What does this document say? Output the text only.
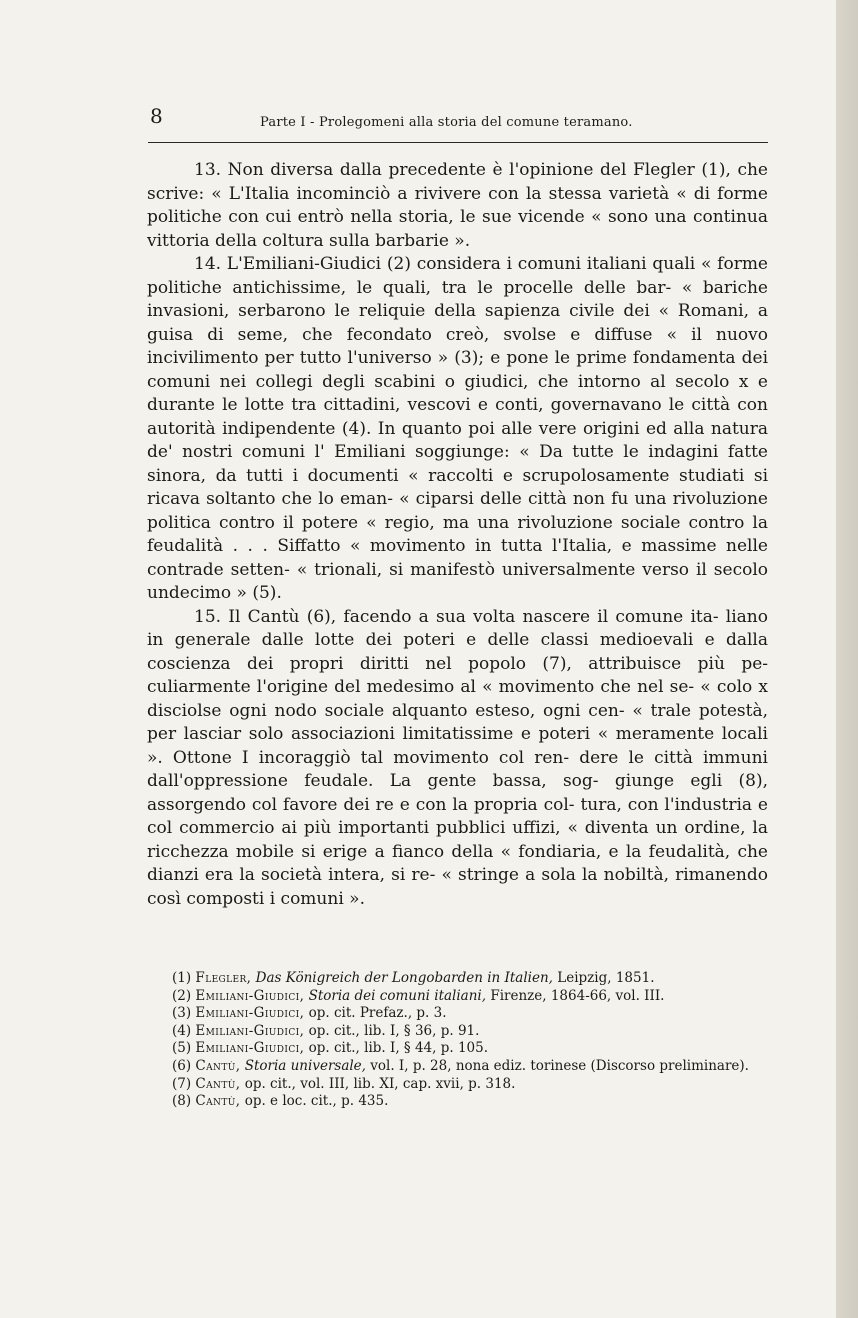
8	Parte I - Prolegomeni alla storia del comune teramano.

13. Non diversa dalla precedente è l'opinione del Flegler (1), che scrive: « L'Italia incominciò a rivivere con la stessa varietà « di forme politiche con cui entrò nella storia, le sue vicende « sono una continua vittoria della coltura sulla barbarie ».

14. L'Emiliani-Giudici (2) considera i comuni italiani quali « forme politiche antichissime, le quali, tra le procelle delle bar- « bariche invasioni, serbarono le reliquie della sapienza civile dei « Romani, a guisa di seme, che fecondato creò, svolse e diffuse « il nuovo incivilimento per tutto l'universo » (3); e pone le prime fondamenta dei comuni nei collegi degli scabini o giudici, che intorno al secolo x e durante le lotte tra cittadini, vescovi e conti, governavano le città con autorità indipendente (4). In quanto poi alle vere origini ed alla natura de' nostri comuni l' Emiliani soggiunge: « Da tutte le indagini fatte sinora, da tutti i documenti « raccolti e scrupolosamente studiati si ricava soltanto che lo eman- « ciparsi delle città non fu una rivoluzione politica contro il potere « regio, ma una rivoluzione sociale contro la feudalità . . . Siffatto « movimento in tutta l'Italia, e massime nelle contrade setten- « trionali, si manifestò universalmente verso il secolo undecimo » (5).

15. Il Cantù (6), facendo a sua volta nascere il comune ita- liano in generale dalle lotte dei poteri e delle classi medioevali e dalla coscienza dei propri diritti nel popolo (7), attribuisce più pe- culiarmente l'origine del medesimo al « movimento che nel se- « colo x disciolse ogni nodo sociale alquanto esteso, ogni cen- « trale potestà, per lasciar solo associazioni limitatissime e poteri « meramente locali ». Ottone I incoraggiò tal movimento col ren- dere le città immuni dall'oppressione feudale. La gente bassa, sog- giunge egli (8), assorgendo col favore dei re e con la propria col- tura, con l'industria e col commercio ai più importanti pubblici uffizi, « diventa un ordine, la ricchezza mobile si erige a fianco della « fondiaria, e la feudalità, che dianzi era la società intera, si re- « stringe a sola la nobiltà, rimanendo così composti i comuni ».

(1) Flegler, Das Königreich der Longobarden in Italien, Leipzig, 1851.

(2) Emiliani-Giudici, Storia dei comuni italiani, Firenze, 1864-66, vol. III.

(3) Emiliani-Giudici, op. cit. Prefaz., p. 3.

(4) Emiliani-Giudici, op. cit., lib. I, § 36, p. 91.

(5) Emiliani-Giudici, op. cit., lib. I, § 44, p. 105.

(6) Cantù, Storia universale, vol. I, p. 28, nona ediz. torinese (Discorso preliminare).

(7) Cantù, op. cit., vol. III, lib. XI, cap. xvii, p. 318.

(8) Cantù, op. e loc. cit., p. 435.
